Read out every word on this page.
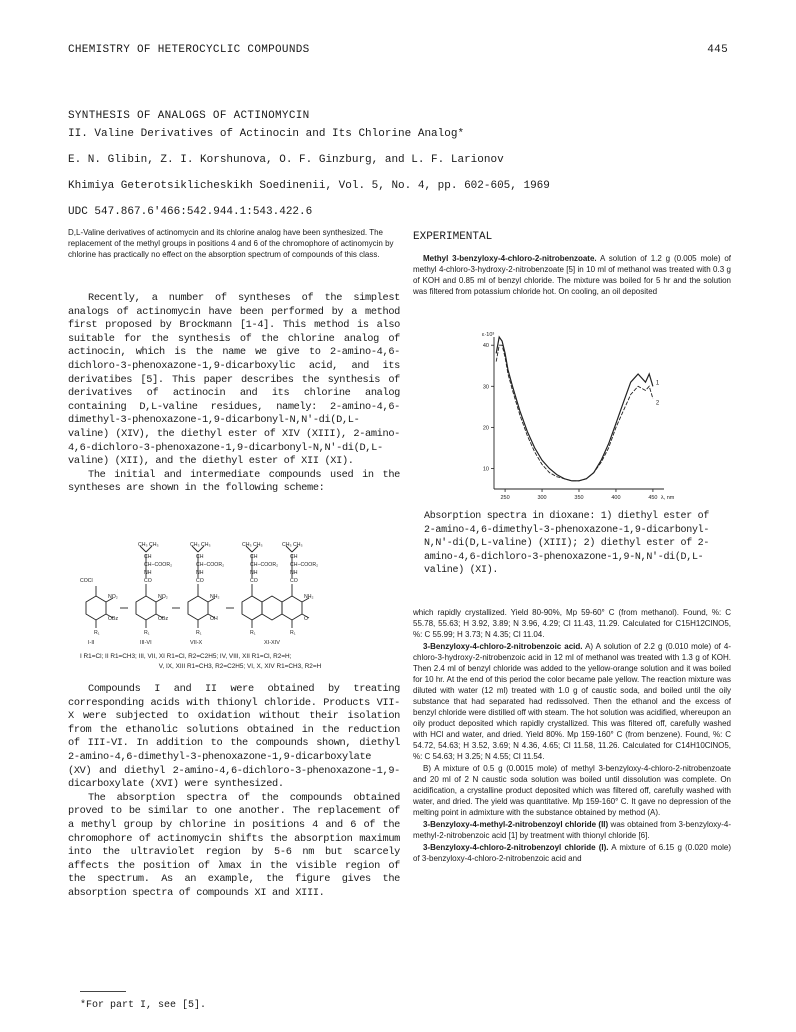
CHEMISTRY OF HETEROCYCLIC COMPOUNDS	445
SYNTHESIS OF ANALOGS OF ACTINOMYCIN
II. Valine Derivatives of Actinocin and Its Chlorine Analog*
E. N. Glibin, Z. I. Korshunova, O. F. Ginzburg, and L. F. Larionov
Khimiya Geterotsiklicheskikh Soedinenii, Vol. 5, No. 4, pp. 602-605, 1969
UDC 547.867.6'466:542.944.1:543.422.6
D,L-Valine derivatives of actinomycin and its chlorine analog have been synthesized. The replacement of the methyl groups in positions 4 and 6 of the chromophore of actinomycin by chlorine has practically no effect on the absorption spectrum of compounds of this class.

Recently, a number of syntheses of the simplest analogs of actinomycin have been performed by a method first proposed by Brockmann [1-4]. This method is also suitable for the synthesis of the chlorine analog of actinocin, which is the name we give to 2-amino-4,6-dichloro-3-phenoxazone-1,9-dicarboxylic acid, and its derivatibes [5]. This paper describes the synthesis of derivatives of actinocin and its chlorine analog containing D,L-valine residues, namely: 2-amino-4,6-dimethyl-3-phenoxazone-1,9-dicarbonyl-N,N'-di(D,L-valine) (XIV), the diethyl ester of XIV (XIII), 2-amino-4,6-dichloro-3-phenoxazone-1,9-dicarbonyl-N,N'-di(D,L-valine) (XII), and the diethyl ester of XII (XI).

The initial and intermediate compounds used in the syntheses are shown in the following scheme:

COCl
NO₂
OBz
R₁
CH₃ CH₃
CH
CH−COOR₂
NH
CO
NO₂
OBz
R₁
CH₃ CH₃
CH
CH−COOR₂
NH
CO
NH₂
OH
R₁
CH₃ CH₃	CH₃ CH₃
CH	CH
CH−COOR₂ CH−COOR₂
NH	NH
CO	CO
NH₂
O
R₁	R₁
I-II	III-VI	VII-X	XI-XIV
I R1=Cl; II R1=CH3; III, VII, XI R1=Cl, R2=C2H5; IV, VIII, XII R1=Cl, R2=H;
V, IX, XIII R1=CH3, R2=C2H5; VI, X, XIV R1=CH3, R2=H

Compounds I and II were obtained by treating corresponding acids with thionyl chloride. Products VII-X were subjected to oxidation without their isolation from the ethanolic solutions obtained in the reduction of III-VI. In addition to the compounds shown, diethyl 2-amino-4,6-dimethyl-3-phenoxazone-1,9-dicarboxylate (XV) and diethyl 2-amino-4,6-dichloro-3-phenoxazone-1,9-dicarboxylate (XVI) were synthesized.

The absorption spectra of the compounds obtained proved to be similar to one another. The replacement of a methyl group by chlorine in positions 4 and 6 of the chromophore of actinomycin shifts the absorption maximum into the ultraviolet region by 5-6 nm but scarcely affects the position of λmax in the visible region of the spectrum. As an example, the figure gives the absorption spectra of compounds XI and XIII.

*For part I, see [5].
EXPERIMENTAL

Methyl 3-benzyloxy-4-chloro-2-nitrobenzoate. A solution of 1.2 g (0.005 mole) of methyl 4-chloro-3-hydroxy-2-nitrobenzoate [5] in 10 ml of methanol was treated with 0.3 g of KOH and 0.85 ml of benzyl chloride. The mixture was boiled for 5 hr and the solution was filtered from potassium chloride hot. On cooling, an oil deposited

10
20
30
40
250	300	350	400	450 λ, nm
ε·10³
1
2

Absorption spectra in dioxane: 1) diethyl ester of 2-amino-4,6-dimethyl-3-phenoxazone-1,9-dicarbonyl-N,N'-di(D,L-valine) (XIII); 2) diethyl ester of 2-amino-4,6-dichloro-3-phenoxazone-1,9-N,N'-di(D,L-valine) (XI).

which rapidly crystallized. Yield 80-90%, Mp 59-60° C (from methanol). Found, %: C 55.78, 55.63; H 3.92, 3.89; N 3.96, 4.29; Cl 11.43, 11.29. Calculated for C15H12ClNO5, %: C 55.99; H 3.73; N 4.35; Cl 11.04.

3-Benzyloxy-4-chloro-2-nitrobenzoic acid. A) A solution of 2.2 g (0.010 mole) of 4-chloro-3-hydroxy-2-nitrobenzoic acid in 12 ml of methanol was treated with 1.3 g of KOH. Then 2.4 ml of benzyl chloride was added to the yellow-orange solution and it was boiled for 10 hr. At the end of this period the color became pale yellow. The reaction mixture was diluted with water (12 ml) treated with 1.0 g of caustic soda, and boiled until the oily substance that had separated had redissolved. Then the ethanol and the excess of benzyl chloride were distilled off with steam. The hot solution was acidified, whereupon an oily product deposited which rapidly crystallized. This was filtered off, carefully washed with HCl and water, and dried. Yield 80%. Mp 159-160° C (from benzene). Found, %: C 54.72, 54.63; H 3.52, 3.69; N 4.36, 4.65; Cl 11.58, 11.26. Calculated for C14H10ClNO5, %: C 54.63; H 3.25; N 4.55; Cl 11.54.

B) A mixture of 0.5 g (0.0015 mole) of methyl 3-benzyloxy-4-chloro-2-nitrobenzoate and 20 ml of 2 N caustic soda solution was boiled until dissolution was complete. On acidification, a crystalline product deposited which was filtered off, carefully washed with water, and dried. The yield was quantitative. Mp 159-160° C. It gave no depression of the melting point in admixture with the substance obtained by method (A).

3-Benzyloxy-4-methyl-2-nitrobenzoyl chloride (II) was obtained from 3-benzyloxy-4-methyl-2-nitrobenzoic acid [1] by treatment with thionyl chloride [6].

3-Benzyloxy-4-chloro-2-nitrobenzoyl chloride (I). A mixture of 6.15 g (0.020 mole) of 3-benzyloxy-4-chloro-2-nitrobenzoic acid and
